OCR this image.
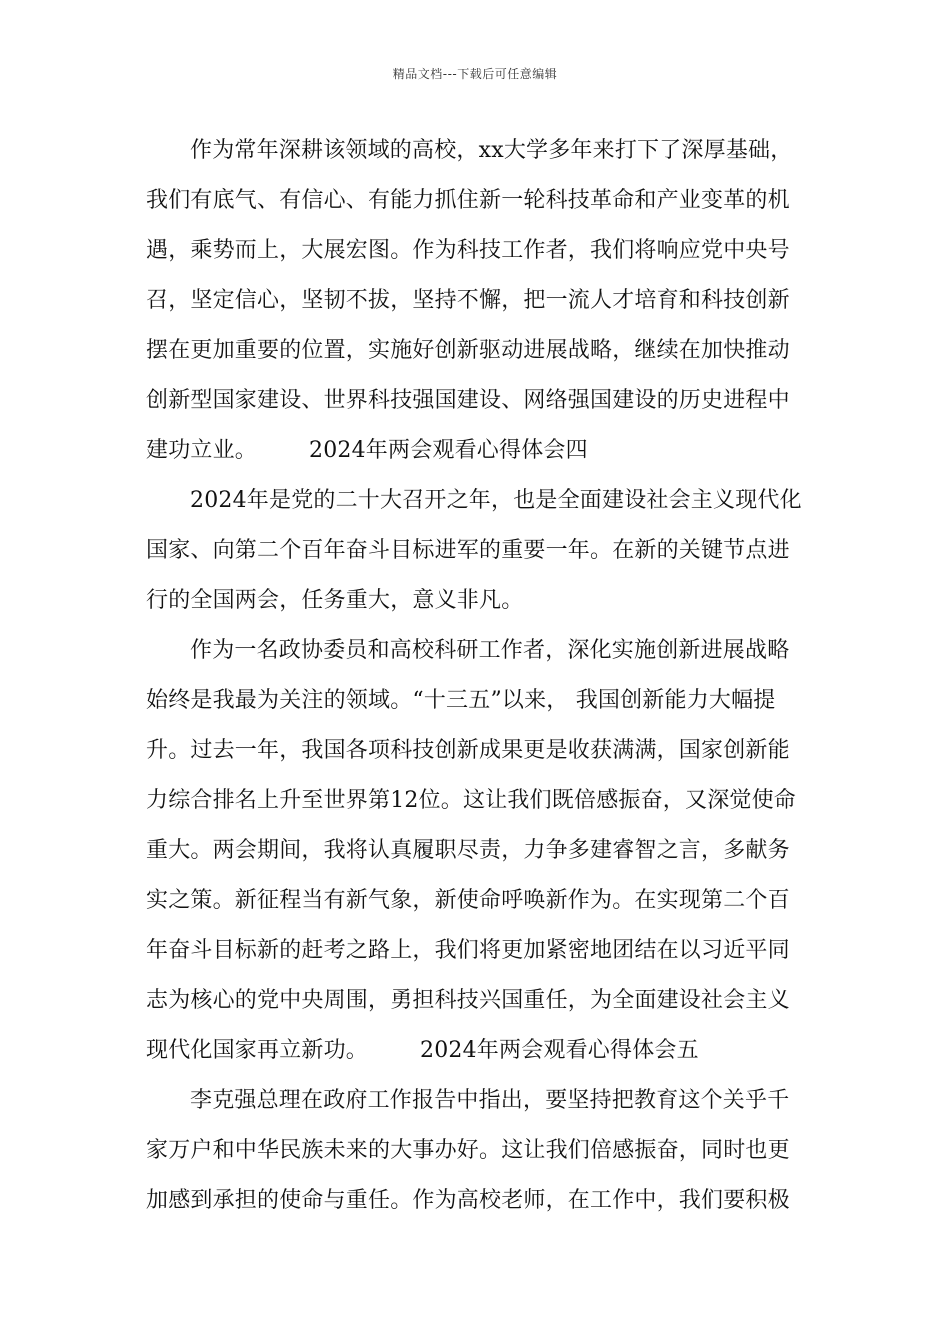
精品文档---下载后可任意编辑
作为常年深耕该领域的高校，xx大学多年来打下了深厚基础，
我们有底气、有信心、有能力抓住新一轮科技革命和产业变革的机
遇，乘势而上，大展宏图。作为科技工作者，我们将响应党中央号
召，坚定信心，坚韧不拔，坚持不懈，把一流人才培育和科技创新
摆在更加重要的位置，实施好创新驱动进展战略，继续在加快推动
创新型国家建设、世界科技强国建设、网络强国建设的历史进程中
建功立业。 2024年两会观看心得体会四
2024年是党的二十大召开之年，也是全面建设社会主义现代化
国家、向第二个百年奋斗目标进军的重要一年。在新的关键节点进
行的全国两会，任务重大，意义非凡。
作为一名政协委员和高校科研工作者，深化实施创新进展战略
始终是我最为关注的领域。“十三五”以来， 我国创新能力大幅提
升。过去一年，我国各项科技创新成果更是收获满满，国家创新能
力综合排名上升至世界第12位。这让我们既倍感振奋，又深觉使命
重大。两会期间，我将认真履职尽责，力争多建睿智之言，多献务
实之策。新征程当有新气象，新使命呼唤新作为。在实现第二个百
年奋斗目标新的赶考之路上，我们将更加紧密地团结在以习近平同
志为核心的党中央周围，勇担科技兴国重任，为全面建设社会主义
现代化国家再立新功。 2024年两会观看心得体会五
李克强总理在政府工作报告中指出，要坚持把教育这个关乎千
家万户和中华民族未来的大事办好。这让我们倍感振奋，同时也更
加感到承担的使命与重任。作为高校老师，在工作中，我们要积极
